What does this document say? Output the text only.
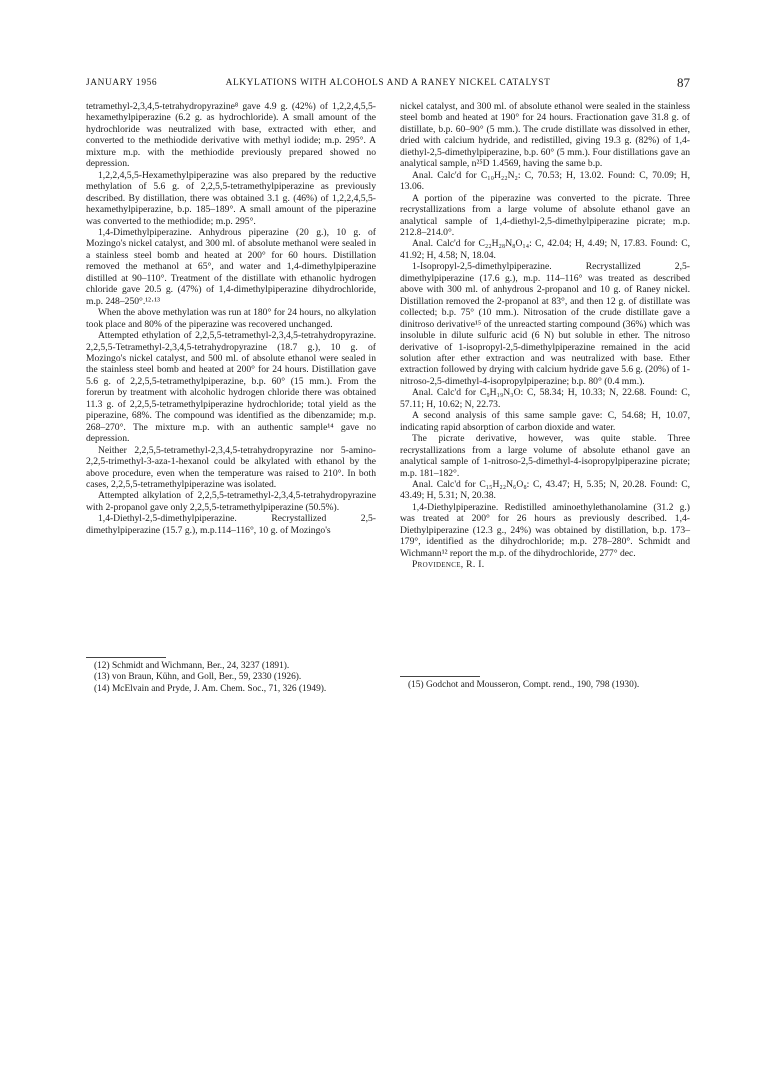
JANUARY 1956	ALKYLATIONS WITH ALCOHOLS AND A RANEY NICKEL CATALYST	87

tetramethyl-2,3,4,5-tetrahydropyrazine⁸ gave 4.9 g. (42%) of 1,2,2,4,5,5-hexamethylpiperazine (6.2 g. as hydrochloride). A small amount of the hydrochloride was neutralized with base, extracted with ether, and converted to the methiodide derivative with methyl iodide; m.p. 295°. A mixture m.p. with the methiodide previously prepared showed no depression.

1,2,2,4,5,5-Hexamethylpiperazine was also prepared by the reductive methylation of 5.6 g. of 2,2,5,5-tetramethylpiperazine as previously described. By distillation, there was obtained 3.1 g. (46%) of 1,2,2,4,5,5-hexamethylpiperazine, b.p. 185–189°. A small amount of the piperazine was converted to the methiodide; m.p. 295°.

1,4-Dimethylpiperazine. Anhydrous piperazine (20 g.), 10 g. of Mozingo's nickel catalyst, and 300 ml. of absolute methanol were sealed in a stainless steel bomb and heated at 200° for 60 hours. Distillation removed the methanol at 65°, and water and 1,4-dimethylpiperazine distilled at 90–110°. Treatment of the distillate with ethanolic hydrogen chloride gave 20.5 g. (47%) of 1,4-dimethylpiperazine dihydrochloride, m.p. 248–250°.¹²·¹³

When the above methylation was run at 180° for 24 hours, no alkylation took place and 80% of the piperazine was recovered unchanged.

Attempted ethylation of 2,2,5,5-tetramethyl-2,3,4,5-tetrahydropyrazine. 2,2,5,5-Tetramethyl-2,3,4,5-tetrahydropyrazine (18.7 g.), 10 g. of Mozingo's nickel catalyst, and 500 ml. of absolute ethanol were sealed in the stainless steel bomb and heated at 200° for 24 hours. Distillation gave 5.6 g. of 2,2,5,5-tetramethylpiperazine, b.p. 60° (15 mm.). From the forerun by treatment with alcoholic hydrogen chloride there was obtained 11.3 g. of 2,2,5,5-tetramethylpiperazine hydrochloride; total yield as the piperazine, 68%. The compound was identified as the dibenzamide; m.p. 268–270°. The mixture m.p. with an authentic sample¹⁴ gave no depression.

Neither 2,2,5,5-tetramethyl-2,3,4,5-tetrahydropyrazine nor 5-amino-2,2,5-trimethyl-3-aza-1-hexanol could be alkylated with ethanol by the above procedure, even when the temperature was raised to 210°. In both cases, 2,2,5,5-tetramethylpiperazine was isolated.

Attempted alkylation of 2,2,5,5-tetramethyl-2,3,4,5-tetrahydropyrazine with 2-propanol gave only 2,2,5,5-tetramethylpiperazine (50.5%).

1,4-Diethyl-2,5-dimethylpiperazine. Recrystallized 2,5-dimethylpiperazine (15.7 g.), m.p.114–116°, 10 g. of Mozingo's

nickel catalyst, and 300 ml. of absolute ethanol were sealed in the stainless steel bomb and heated at 190° for 24 hours. Fractionation gave 31.8 g. of distillate, b.p. 60–90° (5 mm.). The crude distillate was dissolved in ether, dried with calcium hydride, and redistilled, giving 19.3 g. (82%) of 1,4-diethyl-2,5-dimethylpiperazine, b.p. 60° (5 mm.). Four distillations gave an analytical sample, n²⁵D 1.4569, having the same b.p.

Anal. Calc'd for C₁₀H₂₂N₂: C, 70.53; H, 13.02. Found: C, 70.09; H, 13.06.

A portion of the piperazine was converted to the picrate. Three recrystallizations from a large volume of absolute ethanol gave an analytical sample of 1,4-diethyl-2,5-dimethylpiperazine picrate; m.p. 212.8–214.0°.

Anal. Calc'd for C₂₂H₂₈N₈O₁₄: C, 42.04; H, 4.49; N, 17.83. Found: C, 41.92; H, 4.58; N, 18.04.

1-Isopropyl-2,5-dimethylpiperazine. Recrystallized 2,5-dimethylpiperazine (17.6 g.), m.p. 114–116° was treated as described above with 300 ml. of anhydrous 2-propanol and 10 g. of Raney nickel. Distillation removed the 2-propanol at 83°, and then 12 g. of distillate was collected; b.p. 75° (10 mm.). Nitrosation of the crude distillate gave a dinitroso derivative¹⁵ of the unreacted starting compound (36%) which was insoluble in dilute sulfuric acid (6 N) but soluble in ether. The nitroso derivative of 1-isopropyl-2,5-dimethylpiperazine remained in the acid solution after ether extraction and was neutralized with base. Ether extraction followed by drying with calcium hydride gave 5.6 g. (20%) of 1-nitroso-2,5-dimethyl-4-isopropylpiperazine; b.p. 80° (0.4 mm.).

Anal. Calc'd for C₉H₁₉N₃O: C, 58.34; H, 10.33; N, 22.68. Found: C, 57.11; H, 10.62; N, 22.73.

A second analysis of this same sample gave: C, 54.68; H, 10.07, indicating rapid absorption of carbon dioxide and water.

The picrate derivative, however, was quite stable. Three recrystallizations from a large volume of absolute ethanol gave an analytical sample of 1-nitroso-2,5-dimethyl-4-isopropylpiperazine picrate; m.p. 181–182°.

Anal. Calc'd for C₁₅H₂₂N₆O₈: C, 43.47; H, 5.35; N, 20.28. Found: C, 43.49; H, 5.31; N, 20.38.

1,4-Diethylpiperazine. Redistilled aminoethylethanolamine (31.2 g.) was treated at 200° for 26 hours as previously described. 1,4-Diethylpiperazine (12.3 g., 24%) was obtained by distillation, b.p. 173–179°, identified as the dihydrochloride; m.p. 278–280°. Schmidt and Wichmann¹² report the m.p. of the dihydrochloride, 277° dec.

Providence, R. I.

(12) Schmidt and Wichmann, Ber., 24, 3237 (1891).

(13) von Braun, Kühn, and Goll, Ber., 59, 2330 (1926).

(14) McElvain and Pryde, J. Am. Chem. Soc., 71, 326 (1949).	(15) Godchot and Mousseron, Compt. rend., 190, 798 (1930).
